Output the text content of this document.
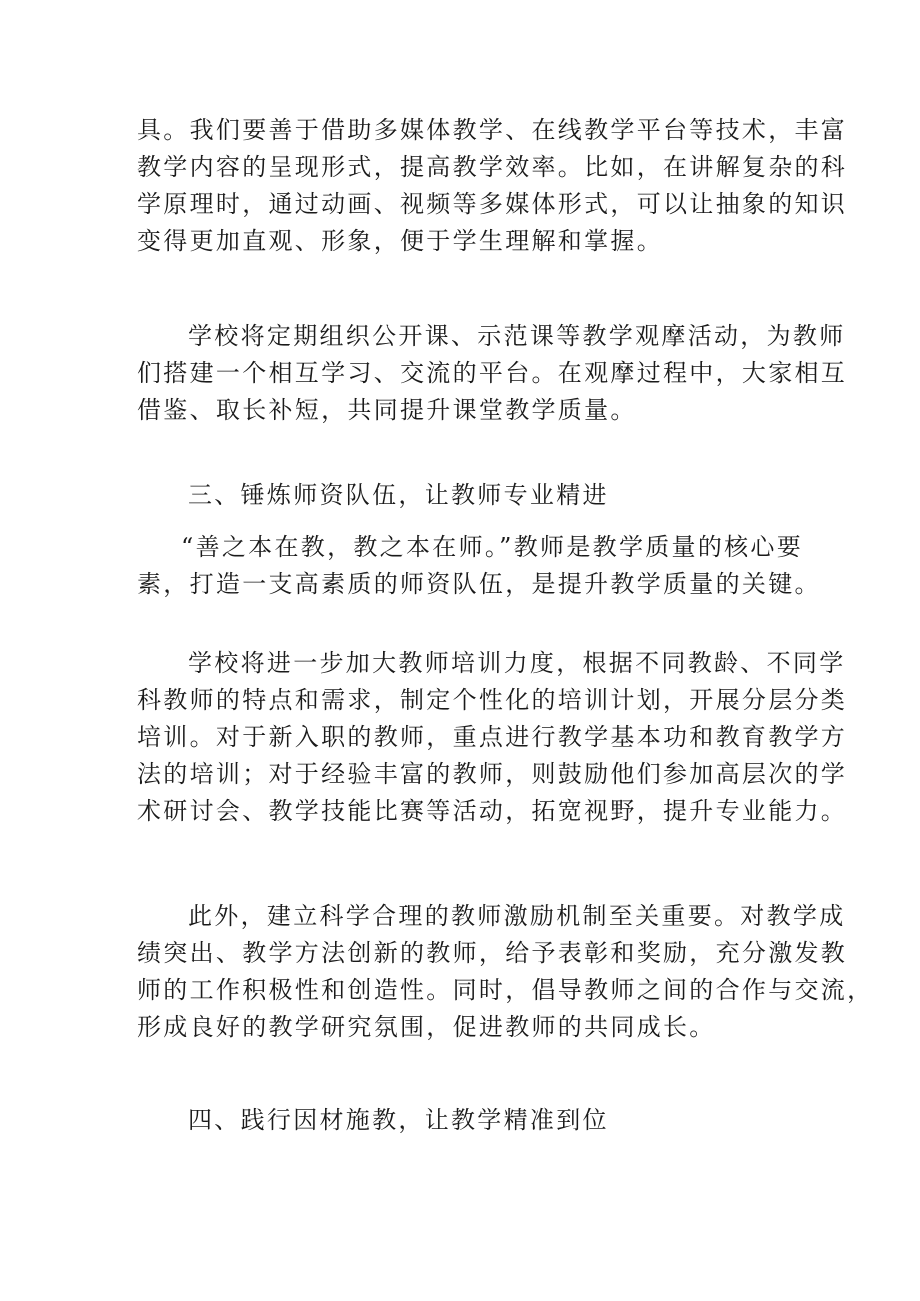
具。我们要善于借助多媒体教学、在线教学平台等技术，丰富
教学内容的呈现形式，提高教学效率。比如，在讲解复杂的科
学原理时，通过动画、视频等多媒体形式，可以让抽象的知识
变得更加直观、形象，便于学生理解和掌握。
学校将定期组织公开课、示范课等教学观摩活动，为教师
们搭建一个相互学习、交流的平台。在观摩过程中，大家相互
借鉴、取长补短，共同提升课堂教学质量。
三、锤炼师资队伍，让教师专业精进
“善之本在教，教之本在师。”教师是教学质量的核心要
素，打造一支高素质的师资队伍，是提升教学质量的关键。
学校将进一步加大教师培训力度，根据不同教龄、不同学
科教师的特点和需求，制定个性化的培训计划，开展分层分类
培训。对于新入职的教师，重点进行教学基本功和教育教学方
法的培训；对于经验丰富的教师，则鼓励他们参加高层次的学
术研讨会、教学技能比赛等活动，拓宽视野，提升专业能力。
此外，建立科学合理的教师激励机制至关重要。对教学成
绩突出、教学方法创新的教师，给予表彰和奖励，充分激发教
师的工作积极性和创造性。同时，倡导教师之间的合作与交流，
形成良好的教学研究氛围，促进教师的共同成长。
四、践行因材施教，让教学精准到位
